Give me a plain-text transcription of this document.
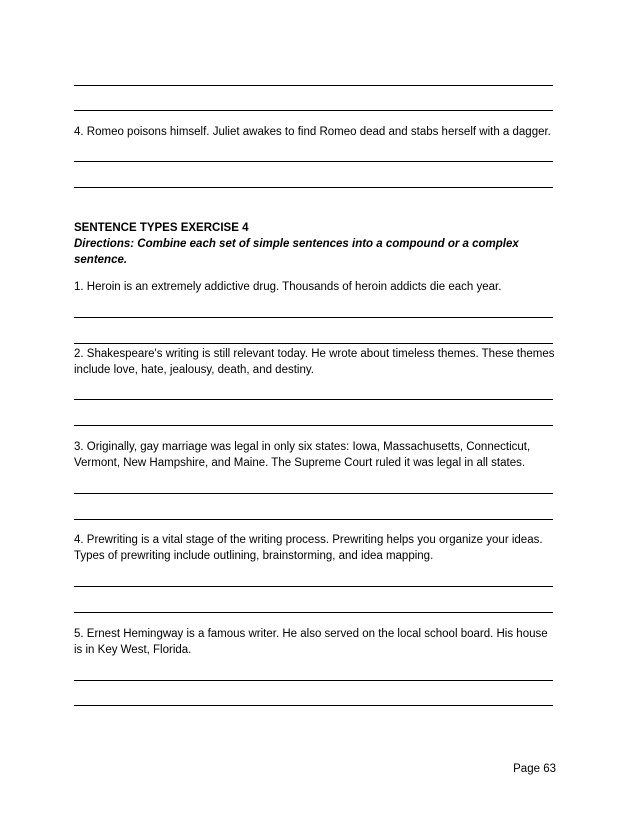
4. Romeo poisons himself. Juliet awakes to find Romeo dead and stabs herself with a dagger.

SENTENCE TYPES EXERCISE 4

Directions: Combine each set of simple sentences into a compound or a complex sentence.

1. Heroin is an extremely addictive drug. Thousands of heroin addicts die each year.

2. Shakespeare's writing is still relevant today. He wrote about timeless themes. These themes include love, hate, jealousy, death, and destiny.

3. Originally, gay marriage was legal in only six states: Iowa, Massachusetts, Connecticut, Vermont, New Hampshire, and Maine. The Supreme Court ruled it was legal in all states.

4. Prewriting is a vital stage of the writing process. Prewriting helps you organize your ideas. Types of prewriting include outlining, brainstorming, and idea mapping.

5. Ernest Hemingway is a famous writer. He also served on the local school board. His house is in Key West, Florida.

Page 63
